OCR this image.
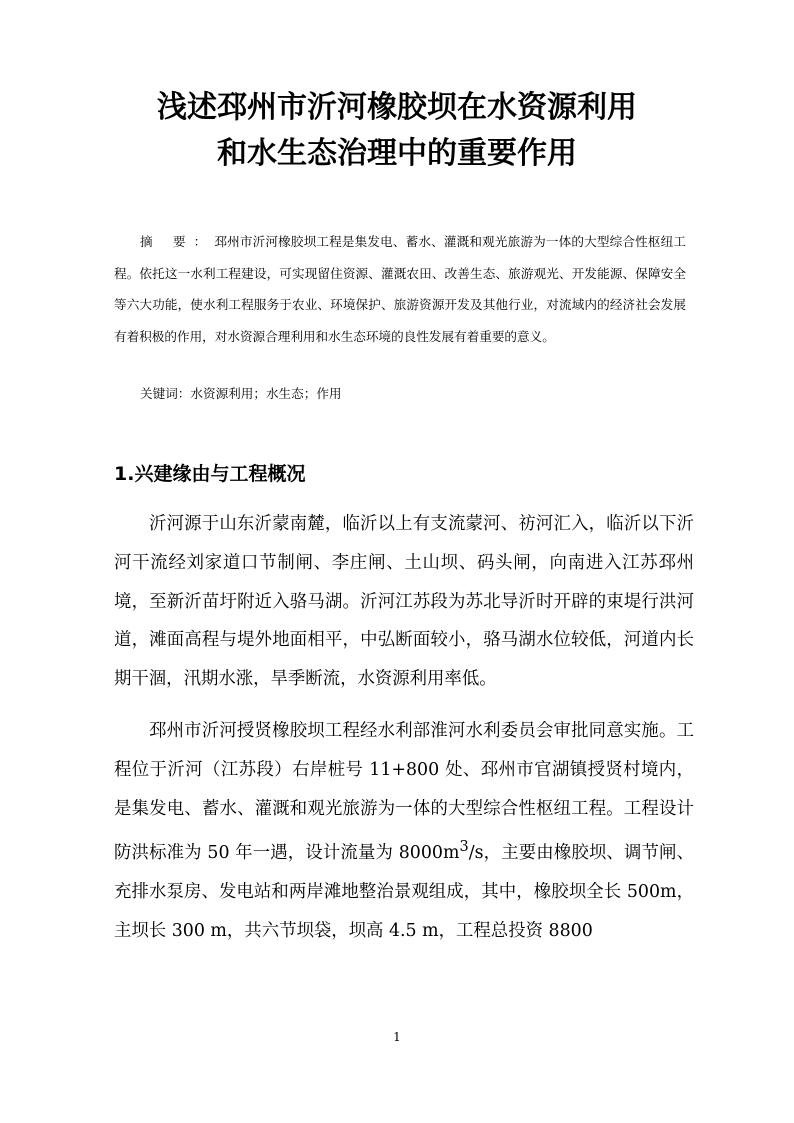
浅述邳州市沂河橡胶坝在水资源利用
和水生态治理中的重要作用

摘 要：邳州市沂河橡胶坝工程是集发电、蓄水、灌溉和观光旅游为一体的大型综合性枢纽工程。依托这一水利工程建设，可实现留住资源、灌溉农田、改善生态、旅游观光、开发能源、保障安全等六大功能，使水利工程服务于农业、环境保护、旅游资源开发及其他行业，对流域内的经济社会发展有着积极的作用，对水资源合理利用和水生态环境的良性发展有着重要的意义。

关键词：水资源利用；水生态；作用

1.兴建缘由与工程概况

沂河源于山东沂蒙南麓，临沂以上有支流蒙河、祊河汇入，临沂以下沂河干流经刘家道口节制闸、李庄闸、土山坝、码头闸，向南进入江苏邳州境，至新沂苗圩附近入骆马湖。沂河江苏段为苏北导沂时开辟的束堤行洪河道，滩面高程与堤外地面相平，中弘断面较小，骆马湖水位较低，河道内长期干涸，汛期水涨，旱季断流，水资源利用率低。

邳州市沂河授贤橡胶坝工程经水利部淮河水利委员会审批同意实施。工程位于沂河（江苏段）右岸桩号 11+800 处、邳州市官湖镇授贤村境内，是集发电、蓄水、灌溉和观光旅游为一体的大型综合性枢纽工程。工程设计防洪标准为 50 年一遇，设计流量为 $8000m^3/s$，主要由橡胶坝、调节闸、充排水泵房、发电站和两岸滩地整治景观组成，其中，橡胶坝全长 500m，主坝长 300 m，共六节坝袋，坝高 4.5 m，工程总投资 8800

1
